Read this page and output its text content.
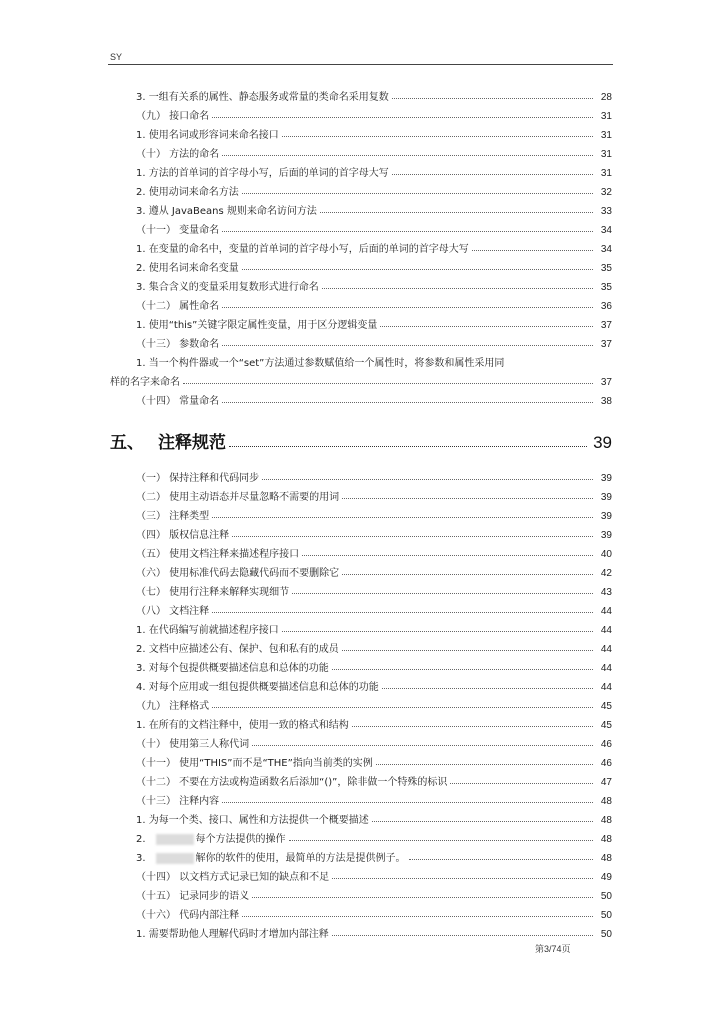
SY
3. 一组有关系的属性、静态服务或常量的类命名采用复数	28
（九） 接口命名	31
1. 使用名词或形容词来命名接口	31
（十） 方法的命名	31
1. 方法的首单词的首字母小写，后面的单词的首字母大写	31
2. 使用动词来命名方法	32
3. 遵从 JavaBeans 规则来命名访问方法	33
（十一） 变量命名	34
1. 在变量的命名中，变量的首单词的首字母小写，后面的单词的首字母大写	34
2. 使用名词来命名变量	35
3. 集合含义的变量采用复数形式进行命名	35
（十二） 属性命名	36
1. 使用“this”关键字限定属性变量，用于区分逻辑变量	37
（十三） 参数命名	37
1. 当一个构件器或一个“set”方法通过参数赋值给一个属性时，将参数和属性采用同
样的名字来命名	37
（十四） 常量命名	38
五、 注释规范	39
（一） 保持注释和代码同步	39
（二） 使用主动语态并尽量忽略不需要的用词	39
（三） 注释类型	39
（四） 版权信息注释	39
（五） 使用文档注释来描述程序接口	40
（六） 使用标准代码去隐藏代码而不要删除它	42
（七） 使用行注释来解释实现细节	43
（八） 文档注释	44
1. 在代码编写前就描述程序接口	44
2. 文档中应描述公有、保护、包和私有的成员	44
3. 对每个包提供概要描述信息和总体的功能	44
4. 对每个应用或一组包提供概要描述信息和总体的功能	44
（九） 注释格式	45
1. 在所有的文档注释中，使用一致的格式和结构	45
（十） 使用第三人称代词	46
（十一） 使用“THIS”而不是“THE”指向当前类的实例	46
（十二） 不要在方法或构造函数名后添加“()”，除非做一个特殊的标识	47
（十三） 注释内容	48
1. 为每一个类、接口、属性和方法提供一个概要描述	48
2.	每个方法提供的操作	48
3.	解你的软件的使用，最简单的方法是提供例子。	48
（十四） 以文档方式记录已知的缺点和不足	49
（十五） 记录同步的语义	50
（十六） 代码内部注释	50
1. 需要帮助他人理解代码时才增加内部注释	50
第3/74页
